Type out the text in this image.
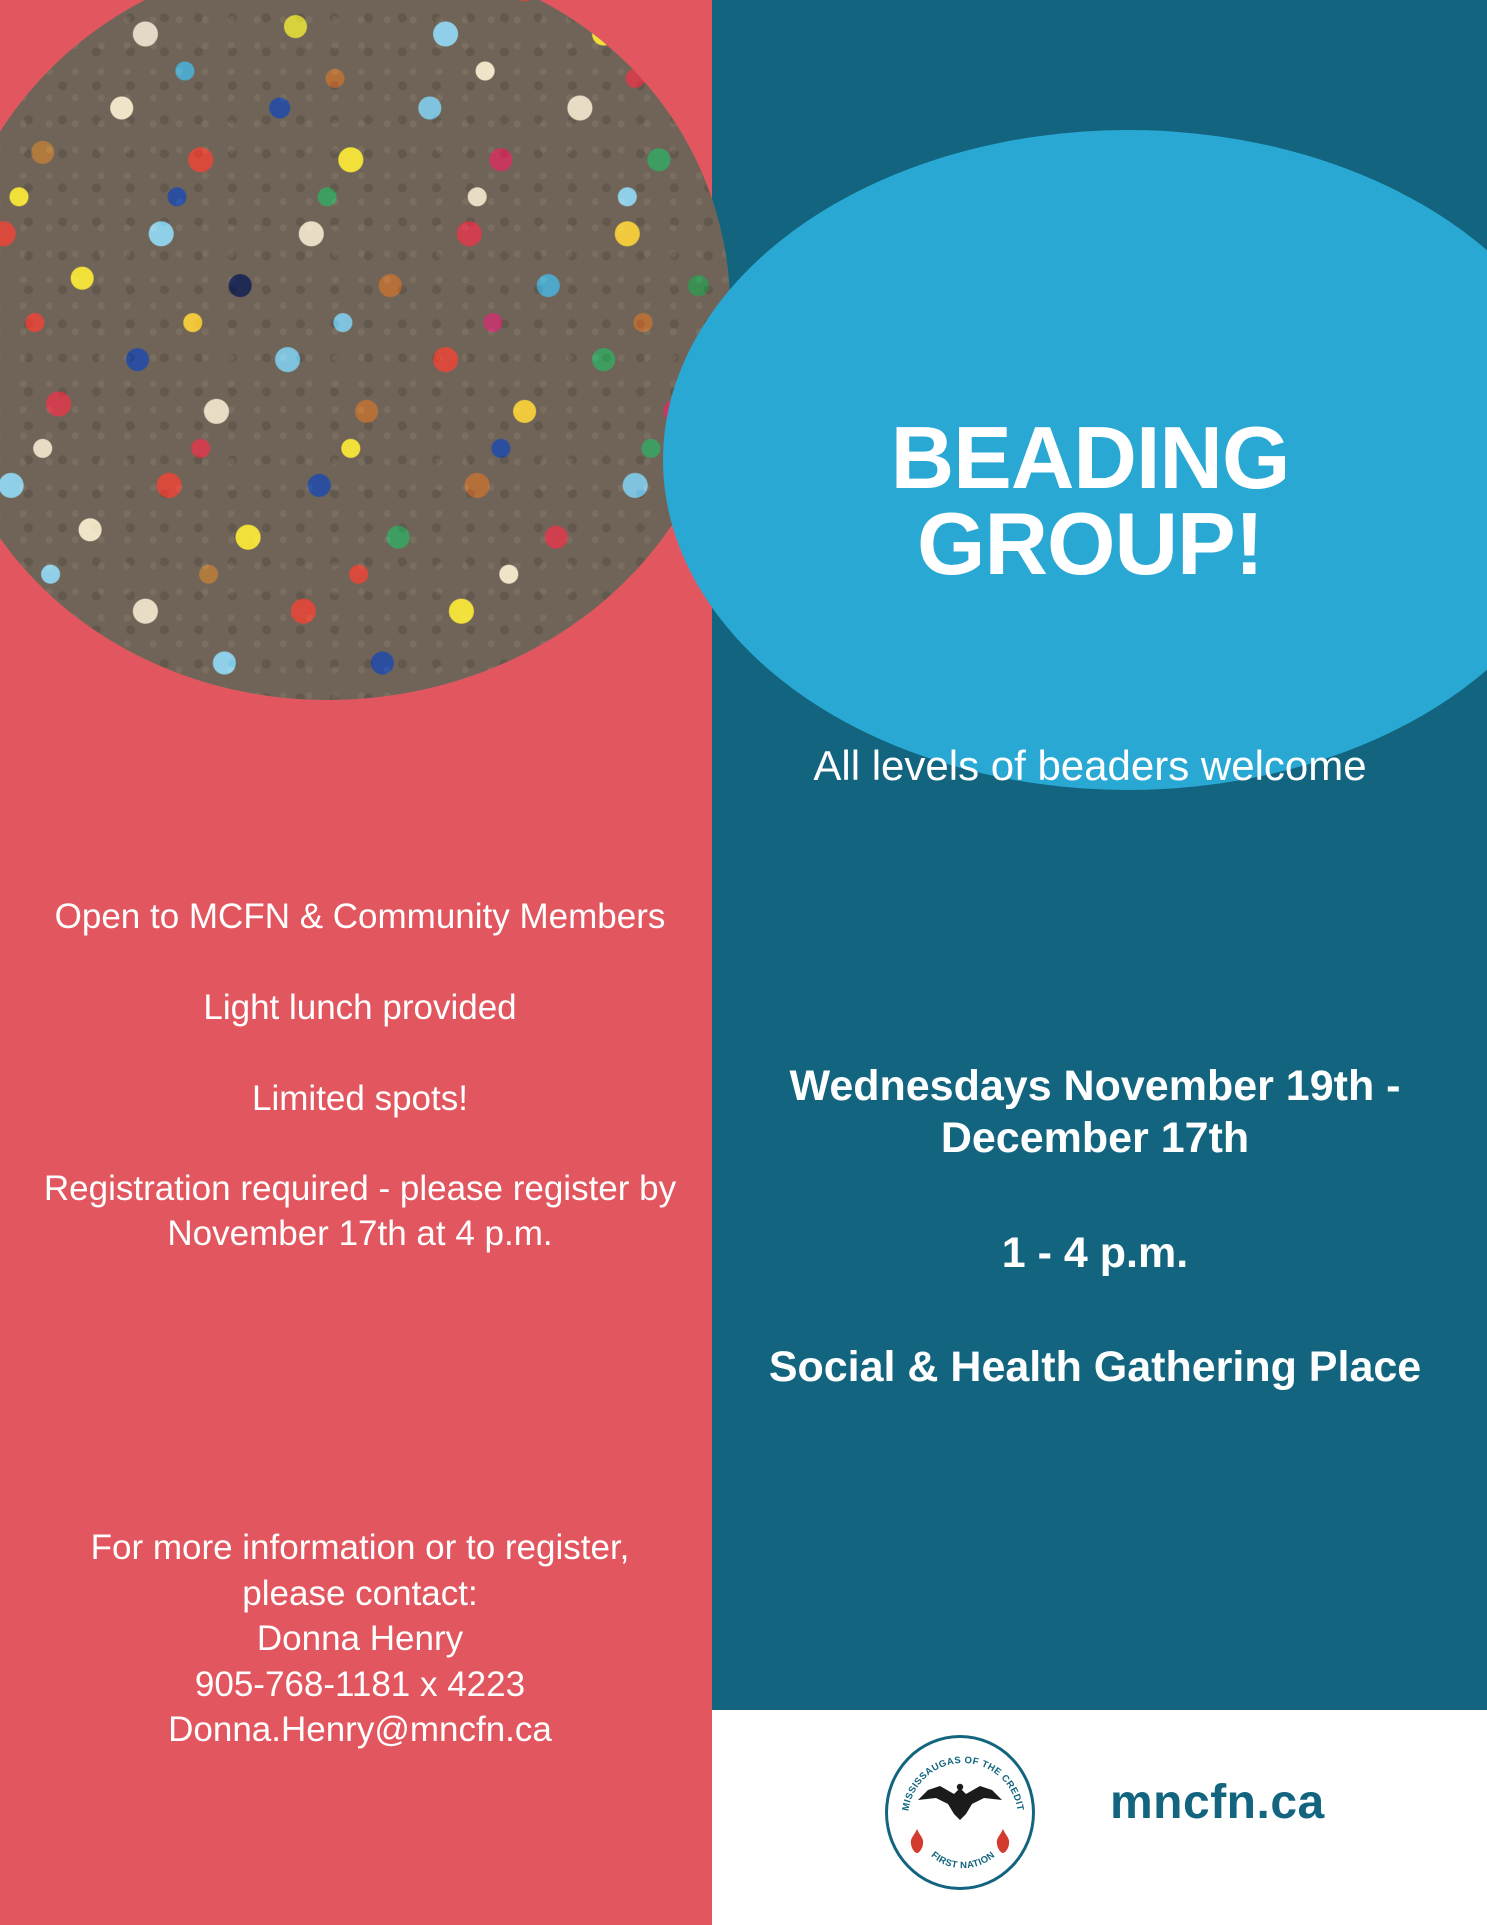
BEADING
GROUP!
All levels of beaders welcome
Open to MCFN & Community Members
Light lunch provided
Limited spots!
Registration required - please register by November 17th at 4 p.m.
For more information or to register, please contact:
Donna Henry
905-768-1181 x 4223
Donna.Henry@mncfn.ca
Wednesdays November 19th - December 17th
1 - 4 p.m.
Social & Health Gathering Place
MISSISSAUGAS OF THE CREDIT
FIRST NATION
mncfn.ca
